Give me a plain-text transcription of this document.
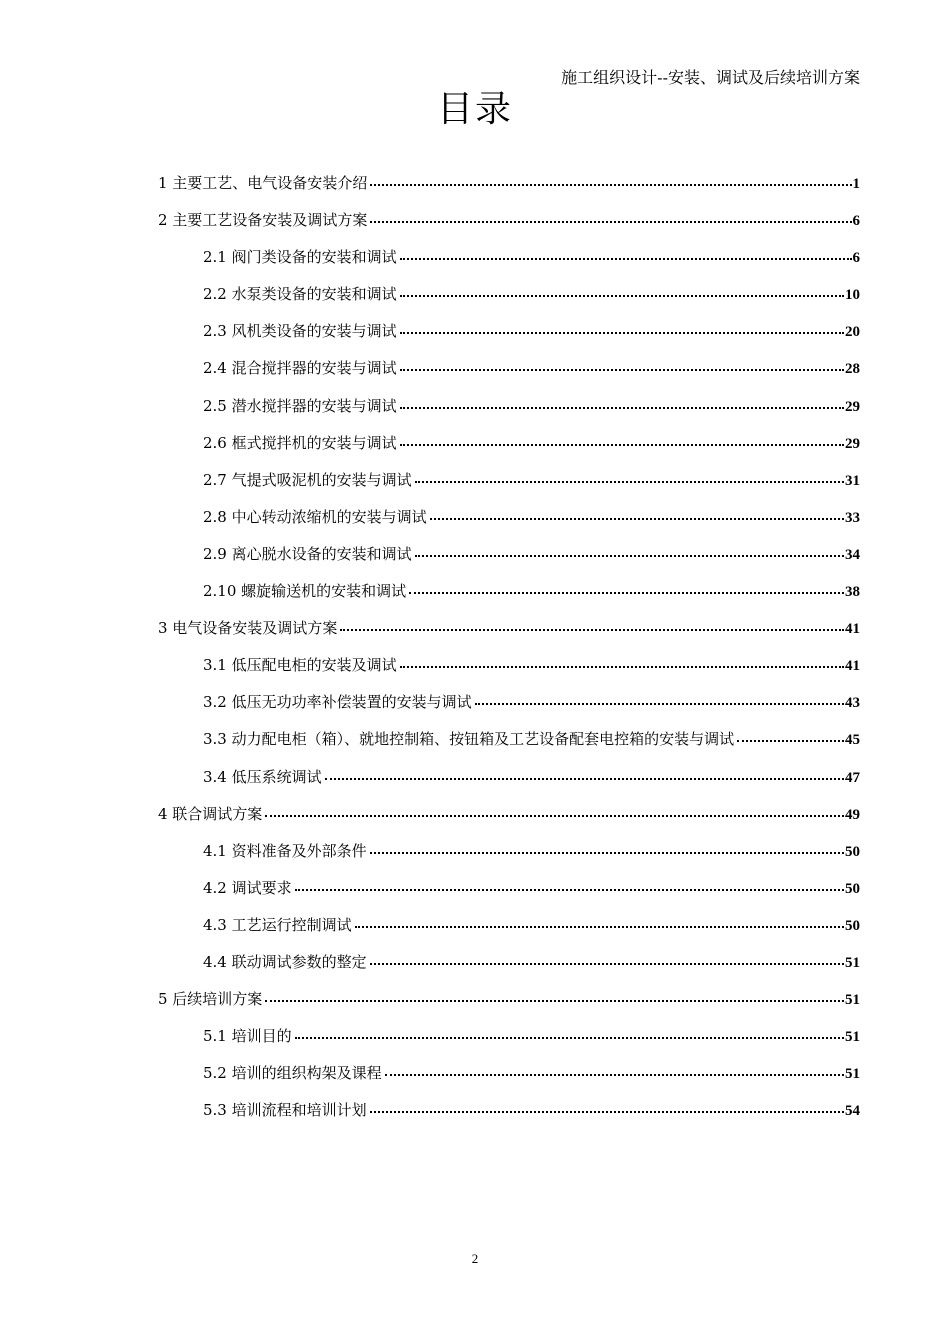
施工组织设计--安装、调试及后续培训方案
目录
1 主要工艺、电气设备安装介绍	1
2 主要工艺设备安装及调试方案	6
2.1 阀门类设备的安装和调试	6
2.2 水泵类设备的安装和调试	10
2.3 风机类设备的安装与调试	20
2.4 混合搅拌器的安装与调试	28
2.5 潜水搅拌器的安装与调试	29
2.6 框式搅拌机的安装与调试	29
2.7 气提式吸泥机的安装与调试	31
2.8 中心转动浓缩机的安装与调试	33
2.9 离心脱水设备的安装和调试	34
2.10 螺旋输送机的安装和调试	38
3 电气设备安装及调试方案	41
3.1 低压配电柜的安装及调试	41
3.2 低压无功功率补偿装置的安装与调试	43
3.3 动力配电柜（箱）、就地控制箱、按钮箱及工艺设备配套电控箱的安装与调试	45
3.4 低压系统调试	47
4 联合调试方案	49
4.1 资料准备及外部条件	50
4.2 调试要求	50
4.3 工艺运行控制调试	50
4.4 联动调试参数的整定	51
5 后续培训方案	51
5.1 培训目的	51
5.2 培训的组织构架及课程	51
5.3 培训流程和培训计划	54
2
